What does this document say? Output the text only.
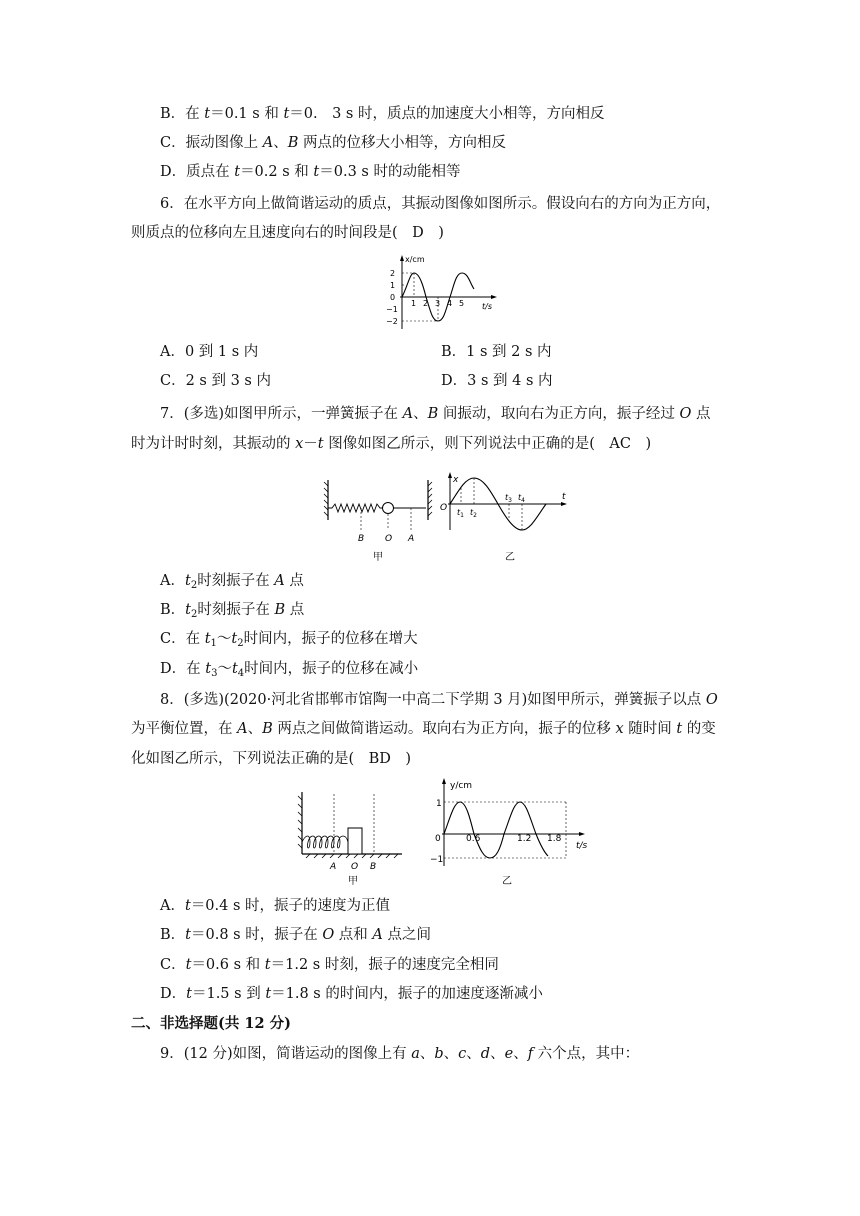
B．在 t＝0.1 s 和 t＝0.　3 s 时，质点的加速度大小相等，方向相反
C．振动图像上 A、B 两点的位移大小相等，方向相反
D．质点在 t＝0.2 s 和 t＝0.3 s 时的动能相等
6．在水平方向上做简谐运动的质点，其振动图像如图所示。假设向右的方向为正方向，
则质点的位移向左且速度向右的时间段是(　D　)
x/cm
t/s
2
1
0
−1
−2
1 2 3 4 5
A．0 到 1 s 内	B．1 s 到 2 s 内
C．2 s 到 3 s 内	D．3 s 到 4 s 内
7．(多选)如图甲所示，一弹簧振子在 A、B 间振动，取向右为正方向，振子经过 O 点
时为计时时刻，其振动的 x－t 图像如图乙所示，则下列说法中正确的是(　AC　)
B O A
甲
x
t
O $t_1$ $t_2$
$t_3$ $t_4$
乙
A．$t_2$时刻振子在 A 点
B．$t_2$时刻振子在 B 点
C．在 $t_1\sim t_2$时间内，振子的位移在增大
D．在 $t_3\sim t_4$时间内，振子的位移在减小
8．(多选)(2020·河北省邯郸市馆陶一中高二下学期 3 月)如图甲所示，弹簧振子以点 O
为平衡位置，在 A、B 两点之间做简谐运动。取向右为正方向，振子的位移 x 随时间 t 的变
化如图乙所示，下列说法正确的是(　BD　)
A O B
甲
y/cm
t/s
1
0
−1
0.6	1.2 1.8
乙
A．t＝0.4 s 时，振子的速度为正值
B．t＝0.8 s 时，振子在 O 点和 A 点之间
C．t＝0.6 s 和 t＝1.2 s 时刻，振子的速度完全相同
D．t＝1.5 s 到 t＝1.8 s 的时间内，振子的加速度逐渐减小
二、非选择题(共 12 分)
9．(12 分)如图，简谐运动的图像上有 a、b、c、d、e、f 六个点，其中：
